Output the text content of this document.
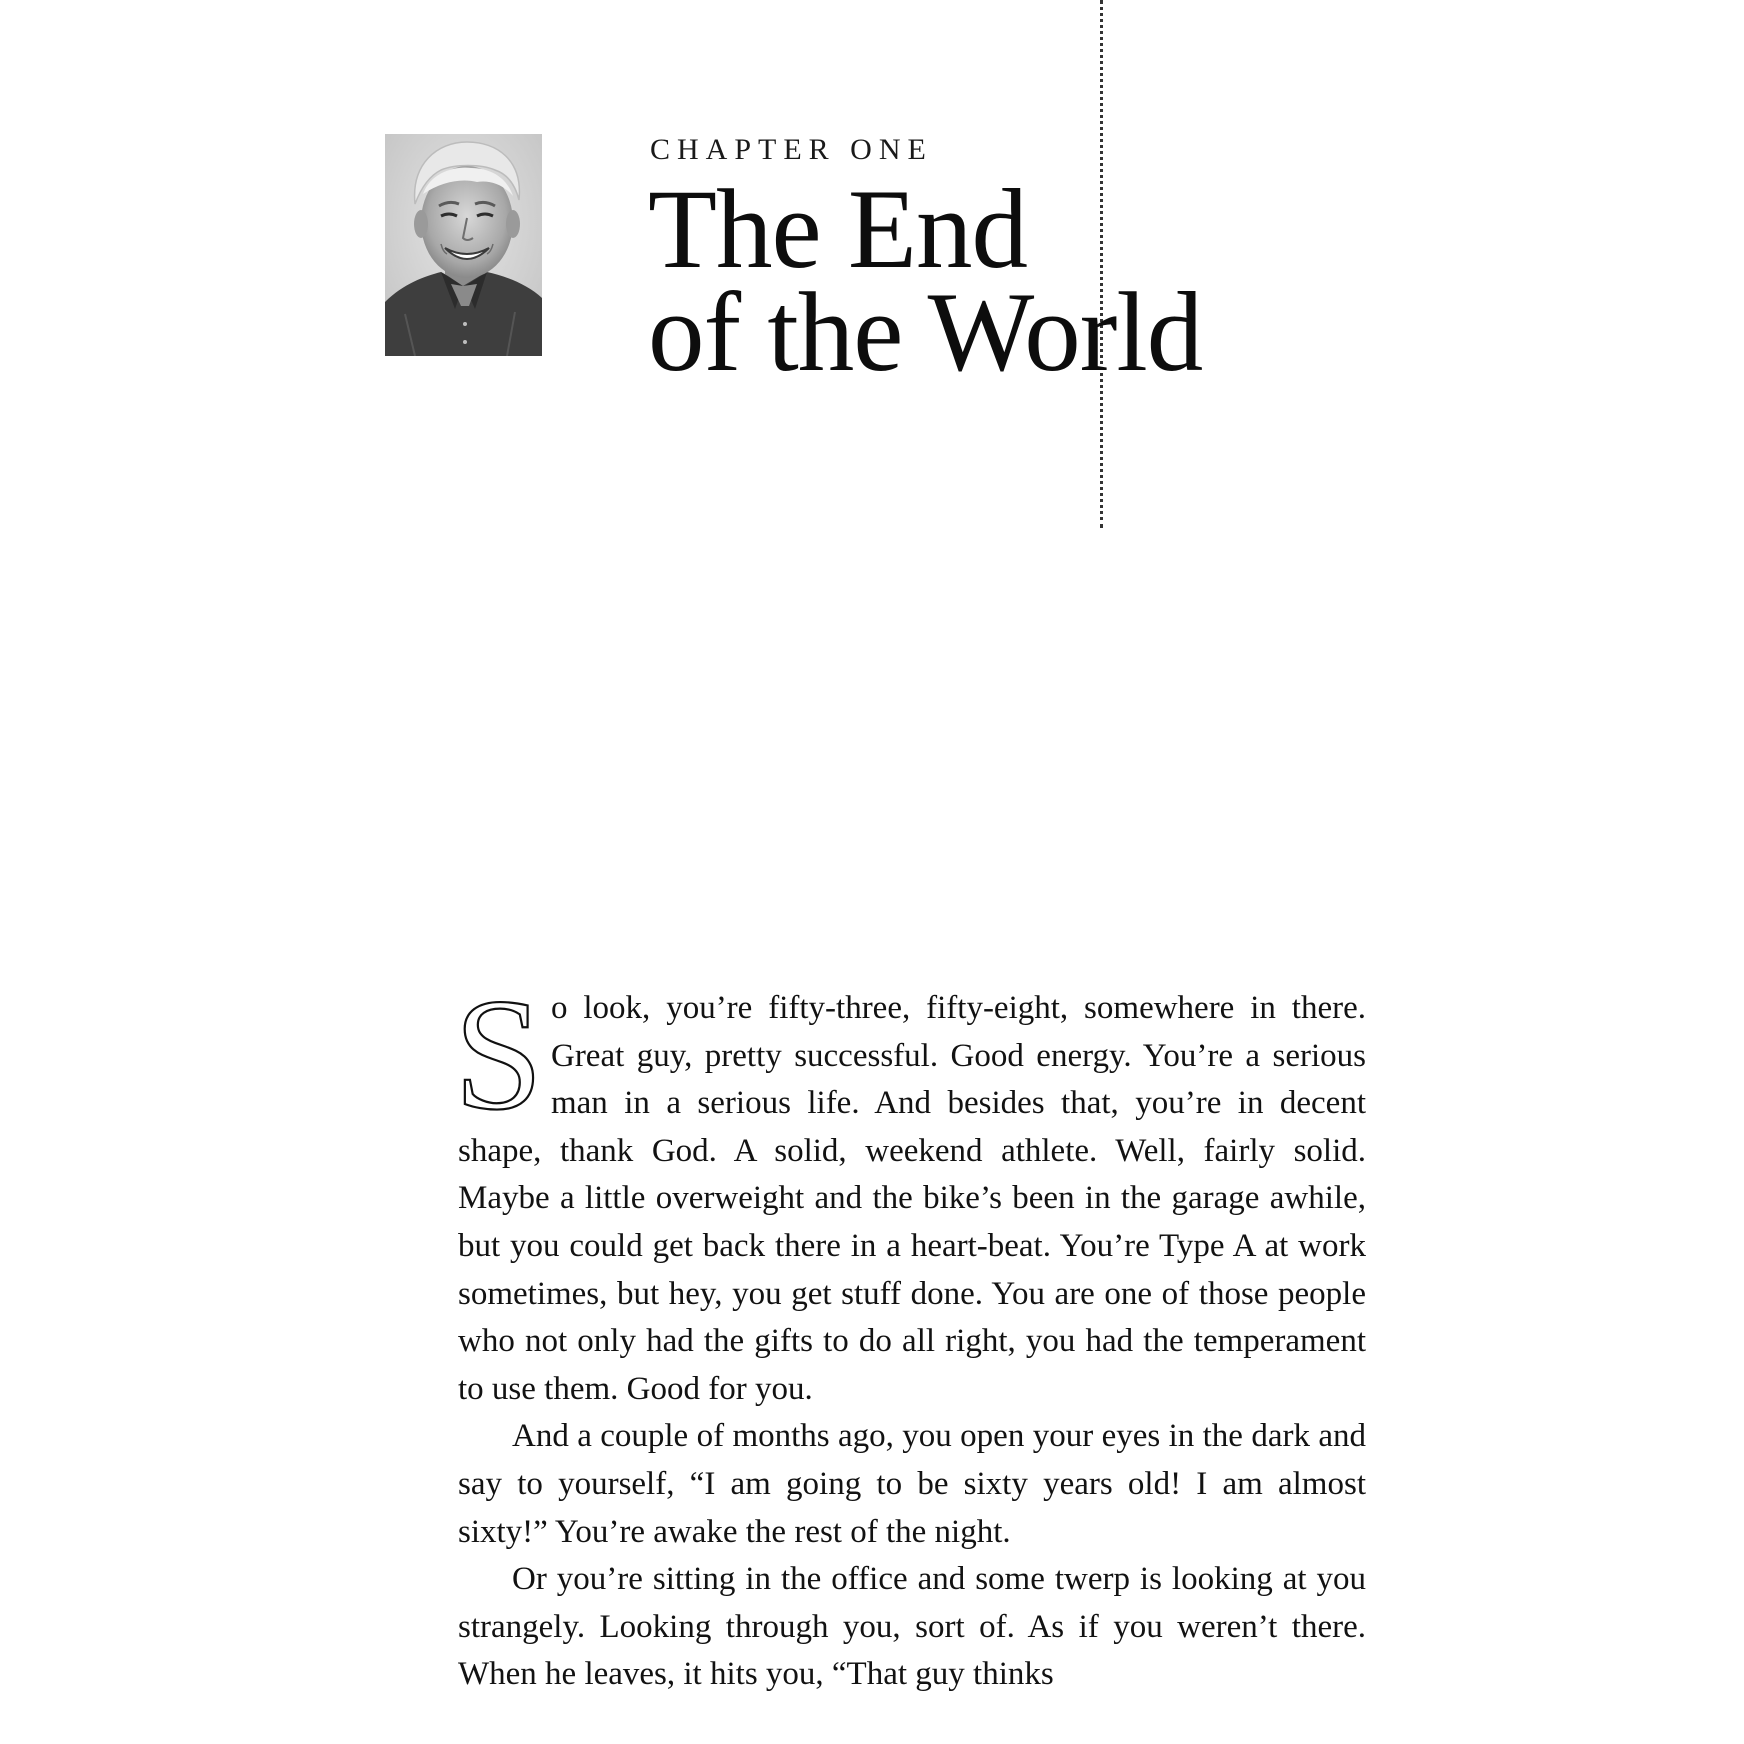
CHAPTER ONE
The End
of the World

So look, you’re fifty-three, fifty-eight, somewhere in there. Great guy, pretty successful. Good energy. You’re a serious man in a serious life. And besides that, you’re in decent shape, thank God. A solid, weekend athlete. Well, fairly solid. Maybe a little overweight and the bike’s been in the garage awhile, but you could get back there in a heart-beat. You’re Type A at work sometimes, but hey, you get stuff done. You are one of those people who not only had the gifts to do all right, you had the temperament to use them. Good for you.

And a couple of months ago, you open your eyes in the dark and say to yourself, “I am going to be sixty years old! I am almost sixty!” You’re awake the rest of the night.

Or you’re sitting in the office and some twerp is looking at you strangely. Looking through you, sort of. As if you weren’t there. When he leaves, it hits you, “That guy thinks
